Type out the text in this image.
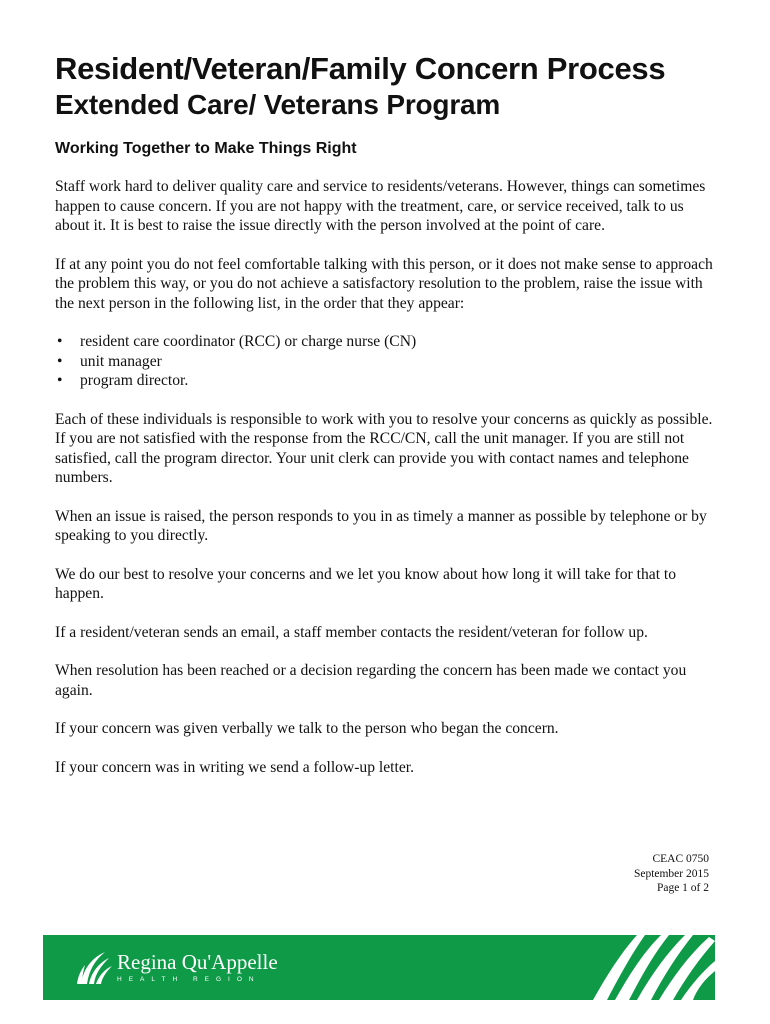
Resident/Veteran/Family Concern Process
Extended Care/ Veterans Program
Working Together to Make Things Right

Staff work hard to deliver quality care and service to residents/veterans. However, things can sometimes happen to cause concern. If you are not happy with the treatment, care, or service received, talk to us about it. It is best to raise the issue directly with the person involved at the point of care.

If at any point you do not feel comfortable talking with this person, or it does not make sense to approach the problem this way, or you do not achieve a satisfactory resolution to the problem, raise the issue with the next person in the following list, in the order that they appear:

• resident care coordinator (RCC) or charge nurse (CN)
• unit manager
• program director.

Each of these individuals is responsible to work with you to resolve your concerns as quickly as possible. If you are not satisfied with the response from the RCC/CN, call the unit manager. If you are still not satisfied, call the program director. Your unit clerk can provide you with contact names and telephone numbers.

When an issue is raised, the person responds to you in as timely a manner as possible by telephone or by speaking to you directly.

We do our best to resolve your concerns and we let you know about how long it will take for that to happen.

If a resident/veteran sends an email, a staff member contacts the resident/veteran for follow up.

When resolution has been reached or a decision regarding the concern has been made we contact you again.

If your concern was given verbally we talk to the person who began the concern.

If your concern was in writing we send a follow-up letter.

CEAC 0750
September 2015
Page 1 of 2
Regina Qu'Appelle
HEALTH REGION
